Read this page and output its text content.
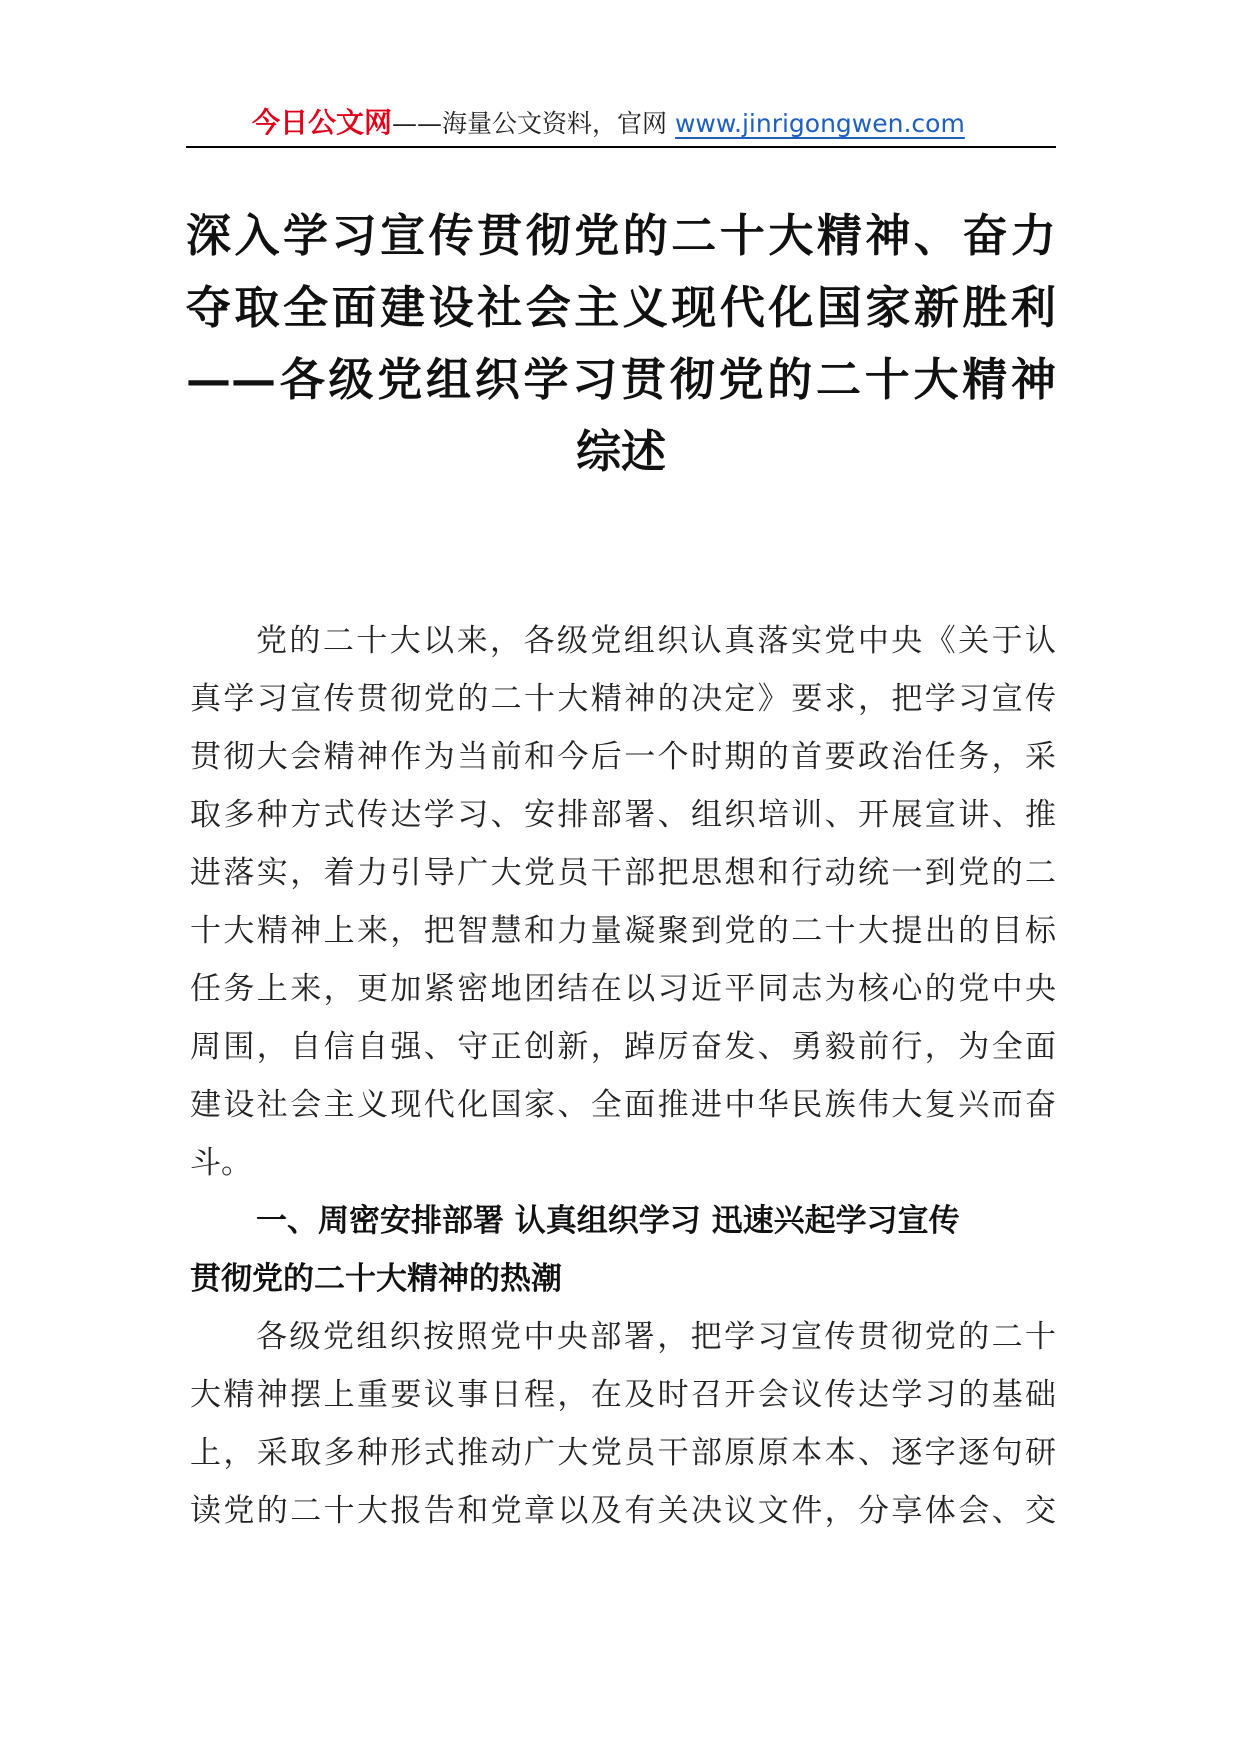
今日公文网——海量公文资料，官网 www.jinrigongwen.com
深入学习宣传贯彻党的二十大精神、奋力
夺取全面建设社会主义现代化国家新胜利
——各级党组织学习贯彻党的二十大精神
综述
党的二十大以来，各级党组织认真落实党中央《关于认
真学习宣传贯彻党的二十大精神的决定》要求，把学习宣传
贯彻大会精神作为当前和今后一个时期的首要政治任务，采
取多种方式传达学习、安排部署、组织培训、开展宣讲、推
进落实，着力引导广大党员干部把思想和行动统一到党的二
十大精神上来，把智慧和力量凝聚到党的二十大提出的目标
任务上来，更加紧密地团结在以习近平同志为核心的党中央
周围，自信自强、守正创新，踔厉奋发、勇毅前行，为全面
建设社会主义现代化国家、全面推进中华民族伟大复兴而奋
斗。
一、周密安排部署 认真组织学习 迅速兴起学习宣传
贯彻党的二十大精神的热潮
各级党组织按照党中央部署，把学习宣传贯彻党的二十
大精神摆上重要议事日程，在及时召开会议传达学习的基础
上，采取多种形式推动广大党员干部原原本本、逐字逐句研
读党的二十大报告和党章以及有关决议文件，分享体会、交
